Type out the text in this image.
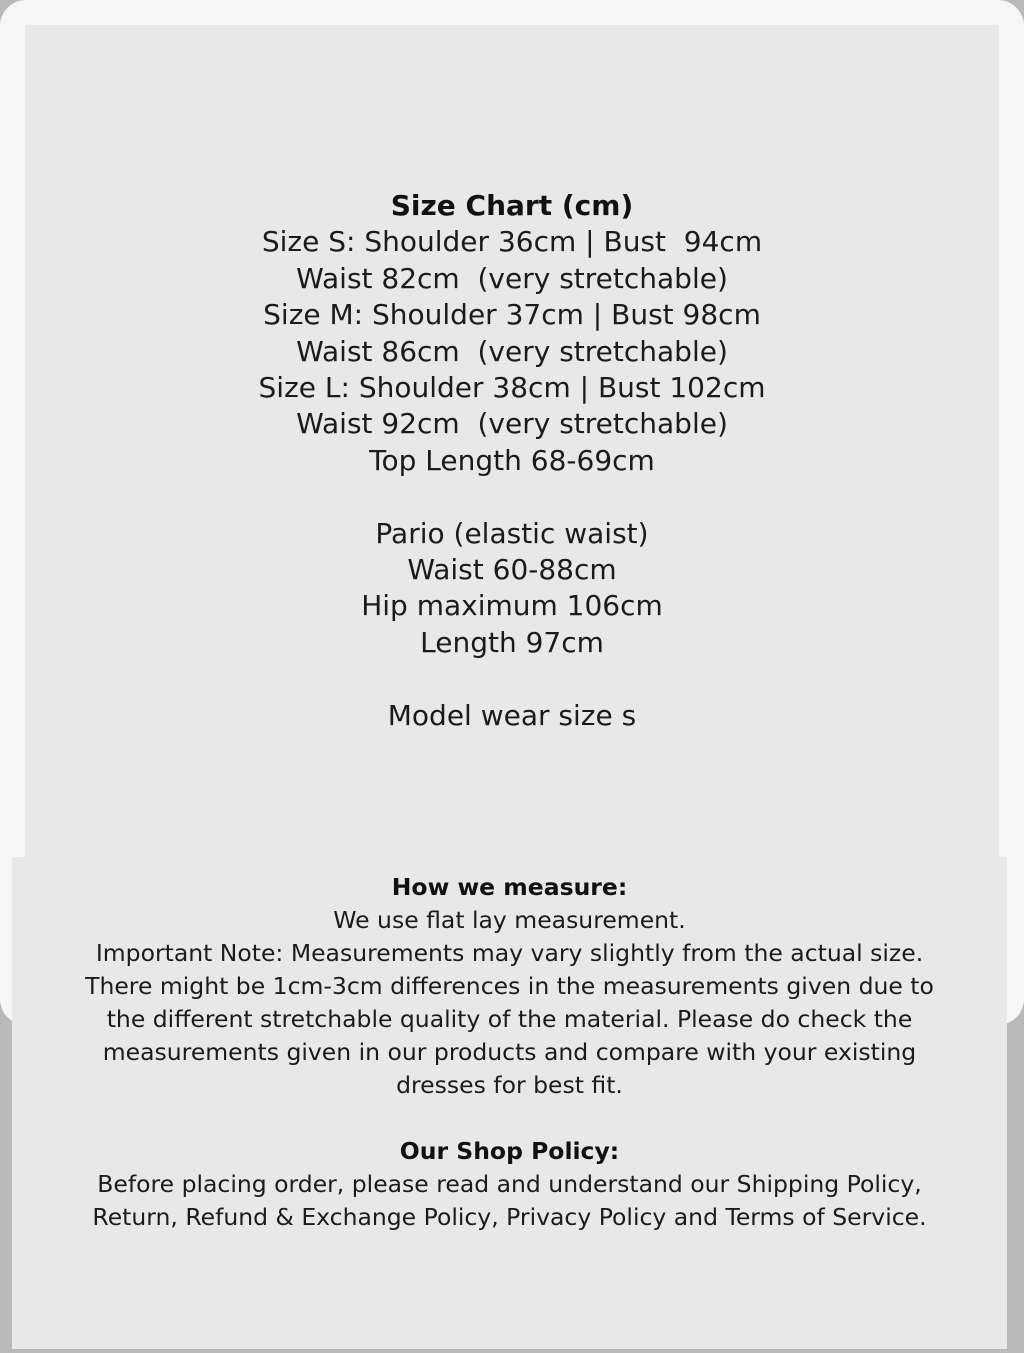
Size Chart (cm)
Size S: Shoulder 36cm | Bust  94cm
Waist 82cm  (very stretchable)
Size M: Shoulder 37cm | Bust 98cm
Waist 86cm  (very stretchable)
Size L: Shoulder 38cm | Bust 102cm
Waist 92cm  (very stretchable)
Top Length 68-69cm
Pario (elastic waist)
Waist 60-88cm
Hip maximum 106cm
Length 97cm
Model wear size s
How we measure:
We use flat lay measurement.
Important Note: Measurements may vary slightly from the actual size. There might be 1cm-3cm differences in the measurements given due to the different stretchable quality of the material. Please do check the measurements given in our products and compare with your existing dresses for best fit.
Our Shop Policy:
Before placing order, please read and understand our Shipping Policy, Return, Refund & Exchange Policy, Privacy Policy and Terms of Service.
